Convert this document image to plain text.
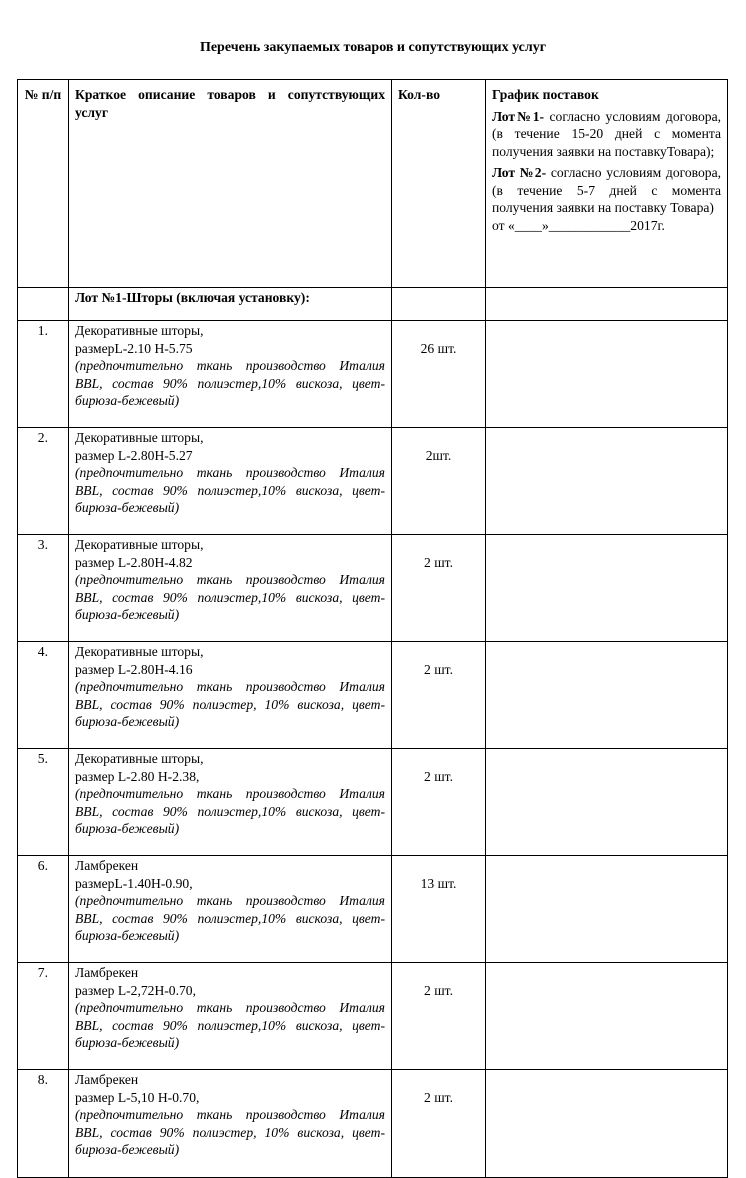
Перечень закупаемых товаров и сопутствующих услуг
№ п/п	Краткое описание товаров и сопутствующих услуг	Кол-во	График поставок

Лот№1- согласно условиям договора, (в течение 15-20 дней с момента получения заявки на поставкуТовара);

Лот №2- согласно условиям договора, (в течение 5-7 дней с момента получения заявки на поставку Товара)

от «____»____________2017г.

	Лот №1-Шторы (включая установку):		
1.	Декоративные шторы,
размерL-2.10 H-5.75
(предпочтительно ткань производство Италия BBL, состав 90% полиэстер,10% вискоза, цвет-бирюза-бежевый)	26 шт.	
2.	Декоративные шторы,
размер L-2.80H-5.27
(предпочтительно ткань производство Италия BBL, состав 90% полиэстер,10% вискоза, цвет-бирюза-бежевый)	2шт.	
3.	Декоративные шторы,
размер L-2.80H-4.82
(предпочтительно ткань производство Италия BBL, состав 90% полиэстер,10% вискоза, цвет-бирюза-бежевый)	2 шт.	
4.	Декоративные шторы,
размер L-2.80H-4.16
(предпочтительно ткань производство Италия BBL, состав 90% полиэстер, 10% вискоза, цвет-бирюза-бежевый)	2 шт.	
5.	Декоративные шторы,
размер L-2.80 H-2.38,
(предпочтительно ткань производство Италия BBL, состав 90% полиэстер,10% вискоза, цвет-бирюза-бежевый)	2 шт.	
6.	Ламбрекен
размерL-1.40H-0.90,
(предпочтительно ткань производство Италия BBL, состав 90% полиэстер,10% вискоза, цвет-бирюза-бежевый)	13 шт.	
7.	Ламбрекен
размер L-2,72H-0.70,
(предпочтительно ткань производство Италия BBL, состав 90% полиэстер,10% вискоза, цвет-бирюза-бежевый)	2 шт.	
8.	Ламбрекен
размер L-5,10 H-0.70,
(предпочтительно ткань производство Италия BBL, состав 90% полиэстер, 10% вискоза, цвет-бирюза-бежевый)	2 шт.	
